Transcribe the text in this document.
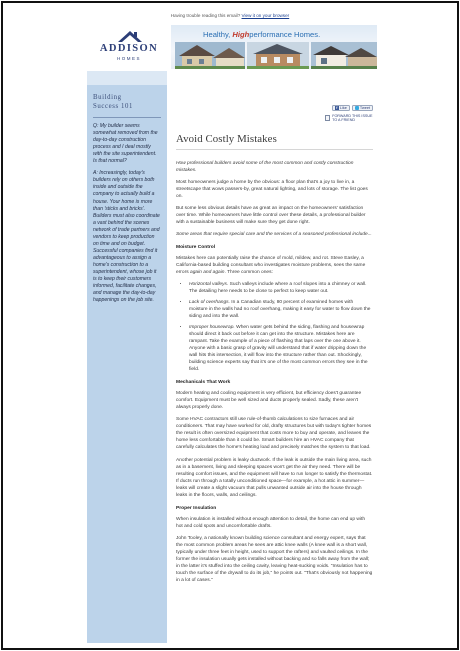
Having trouble reading this email? View it on your browser
ADDISON
HOMES
Healthy, Highperformance Homes.
Building
Success 101
Q: My builder seems somewhat removed from the day-to-day construction process and I deal mostly with the site superintendent. Is that normal?
A: Increasingly, today's builders rely on others both inside and outside the company to actually build a house. Your home is more than 'sticks and bricks'. Builders must also coordinate a vast behind the scenes network of trade partners and vendors to keep production on time and on budget. Successful companies find it advantageous to assign a home's construction to a superintendent, whose job it is to keep their customers informed, facilitate changes, and manage the day-to-day happenings on the job site.
f Like	Tweet
FORWARD THIS ISSUE TO A FRIEND
Avoid Costly Mistakes

How professional builders avoid some of the most common and costly construction mistakes.

Most homeowners judge a home by the obvious: a floor plan that's a joy to live in, a streetscape that wows passers-by, great natural lighting, and lots of storage. The list goes on.

But some less obvious details have as great an impact on the homeowners' satisfaction over time. While homeowners have little control over these details, a professional builder with a sustainable business will make sure they get done right.

Some areas that require special care and the services of a seasoned professional include...

Moisture Control

Mistakes here can potentially raise the chance of mold, mildew, and rot. Steve Easley, a California-based building consultant who investigates moisture problems, sees the same errors again and again. Three common ones:

• Horizontal valleys. Such valleys include where a roof slopes into a chimney or wall. The detailing here needs to be close to perfect to keep water out.
• Lack of overhangs. In a Canadian study, 80 percent of examined homes with moisture in the walls had no roof overhang, making it easy for water to flow down the siding and into the wall.
• Improper housewrap. When water gets behind the siding, flashing and housewrap should direct it back out before it can get into the structure. Mistakes here are rampant. Take the example of a piece of flashing that laps over the one above it. Anyone with a basic grasp of gravity will understand that if water dripping down the wall hits this intersection, it will flow into the structure rather than out. Shockingly, building science experts say that it's one of the most common errors they see in the field.
Mechanicals That Work

Modern heating and cooling equipment is very efficient, but efficiency does't guarantee comfort. Equipment must be well sized and ducts properly sealed. Sadly, these aren't always properly done.

Some HVAC contractors still use rule-of-thumb calculations to size furnaces and air conditioners. That may have worked for old, drafty structures but with today's tighter homes the result is often oversized equipment that costs more to buy and operate, and leaves the home less comfortable than it could be. Smart builders hire an HVAC company that carefully calculates the home's heating load and precisely matches the system to that load.

Another potential problem is leaky ductwork. If the leak is outside the main living area, such as in a basement, living and sleeping spaces won't get the air they need. There will be resulting comfort issues, and the equipment will have to run longer to satisfy the thermostat. If ducts run through a totally unconditioned space—for example, a hot attic in summer—leaks will create a slight vacuum that pulls unwanted outside air into the house through leaks in the floors, walls, and ceilings.

Proper Insulation

When insulation is installed without enough attention to detail, the home can end up with hot and cold spots and uncomfortable drafts.

John Tooley, a nationally known building science consultant and energy expert, says that the most common problem areas he sees are attic knee walls (A knee wall is a short wall, typically under three feet in height, used to support the rafters) and vaulted ceilings. In the former the insulation usually gets installed without backing and so falls away from the wall; in the latter it's stuffed into the ceiling cavity, leaving heat-sucking voids. "Insulation has to touch the surface of the drywall to do its job," he points out. "That's obviously not happening in a lot of cases."
